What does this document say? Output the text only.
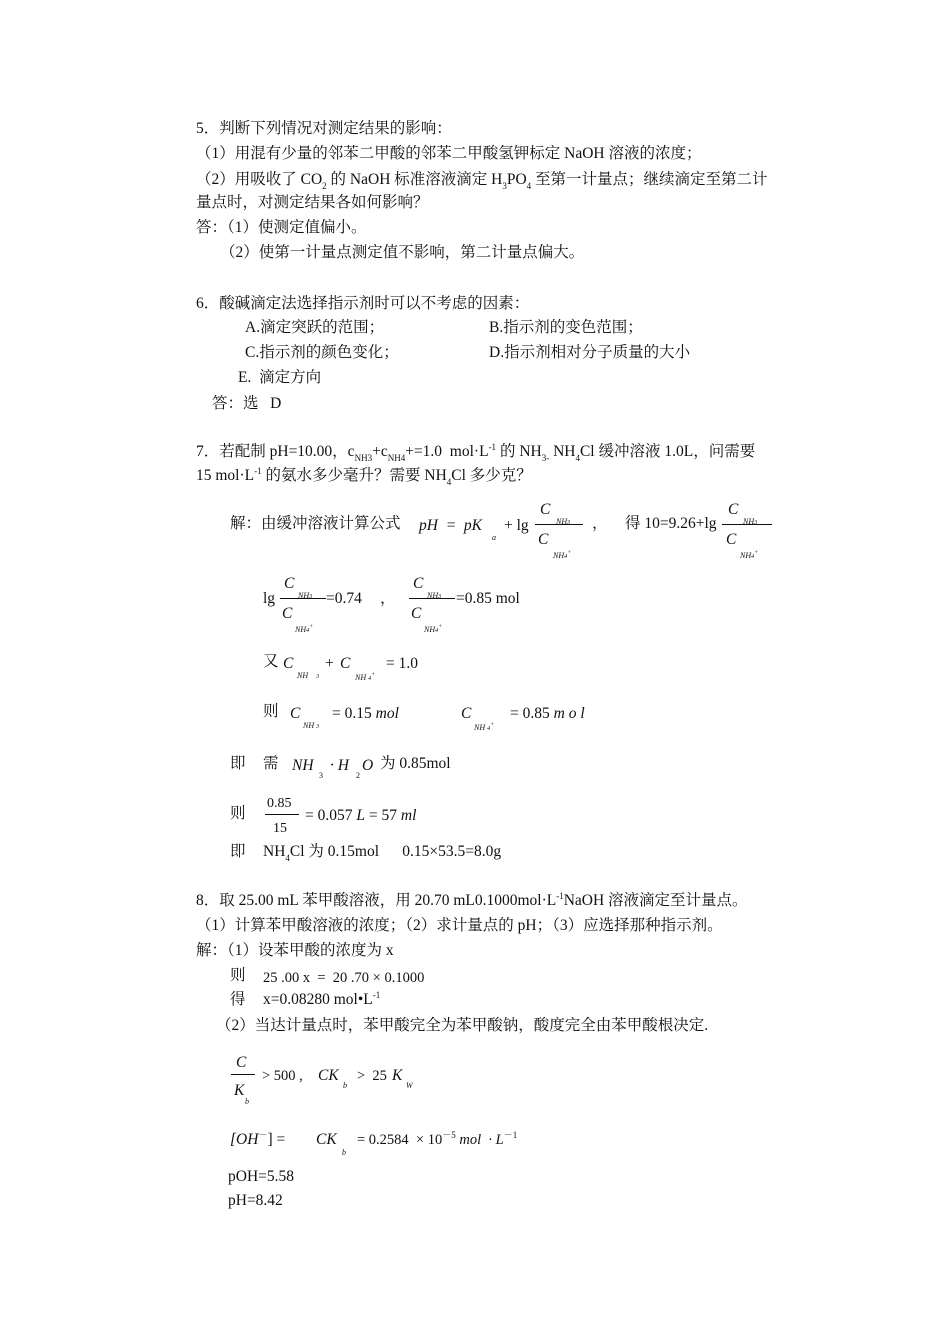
5．判断下列情况对测定结果的影响：
（1）用混有少量的邻苯二甲酸的邻苯二甲酸氢钾标定 NaOH 溶液的浓度；
（2）用吸收了 $CO_2$ 的 NaOH 标准溶液滴定 $H_3PO_4$ 至第一计量点；继续滴定至第二计
量点时，对测定结果各如何影响？
答：（1）使测定值偏小。
（2）使第一计量点测定值不影响，第二计量点偏大。
6．酸碱滴定法选择指示剂时可以不考虑的因素：
A.滴定突跃的范围；	B.指示剂的变色范围；
C.指示剂的颜色变化；	D.指示剂相对分子质量的大小
E.  滴定方向
答：选   D
7．若配制 pH=10.00，$c_{NH3}+c_{NH4}+=1.0$  $mol\cdot L^{-1}$ 的 $NH_{3-}$ $NH_4Cl$ 缓冲溶液 1.0L，问需要
15 $mol\cdot L^{-1}$ 的氨水多少毫升？需要 $NH_4Cl$ 多少克？
解：由缓冲溶液计算公式 pH  =  pK
a
+ lg
C
NH3
C
NH4+
， 得 10=9.26+lg
C
NH3
C
NH4+
lg
C
NH3
C
NH4+
=0.74 ，
C
NH3
C
NH4+
=0.85 mol
又 C
NH 3
+ C
NH 4+
= 1.0
则 C
NH 3
= 0.15 mol	C
NH 4+
= 0.85 m o l
即 需 NH
3
· H
2
O 为 0.85mol
则
0.85
15
= 0.057 L = 57 ml
即 $NH_4Cl$ 为 0.15mol      0.15×53.5=8.0g
8．取 25.00 mL 苯甲酸溶液，用 20.70 $mL0.1000mol\cdot L^{-1}NaOH$ 溶液滴定至计量点。
（1）计算苯甲酸溶液的浓度；（2）求计量点的 pH；（3）应选择那种指示剂。
解：（1）设苯甲酸的浓度为 x
则 25 .00 x  =  20 .70 × 0.1000
得 x=0.08280 $mol•L^{-1}$
（2）当达计量点时，苯甲酸完全为苯甲酸钠，酸度完全由苯甲酸根决定.
C
K
b
> 500 , CK
b
>  25 K
W
[OH－] = CK
b
= $0.2584 \times 10^{-5}$ mol · $L^{-1}$
pOH=5.58
pH=8.42
